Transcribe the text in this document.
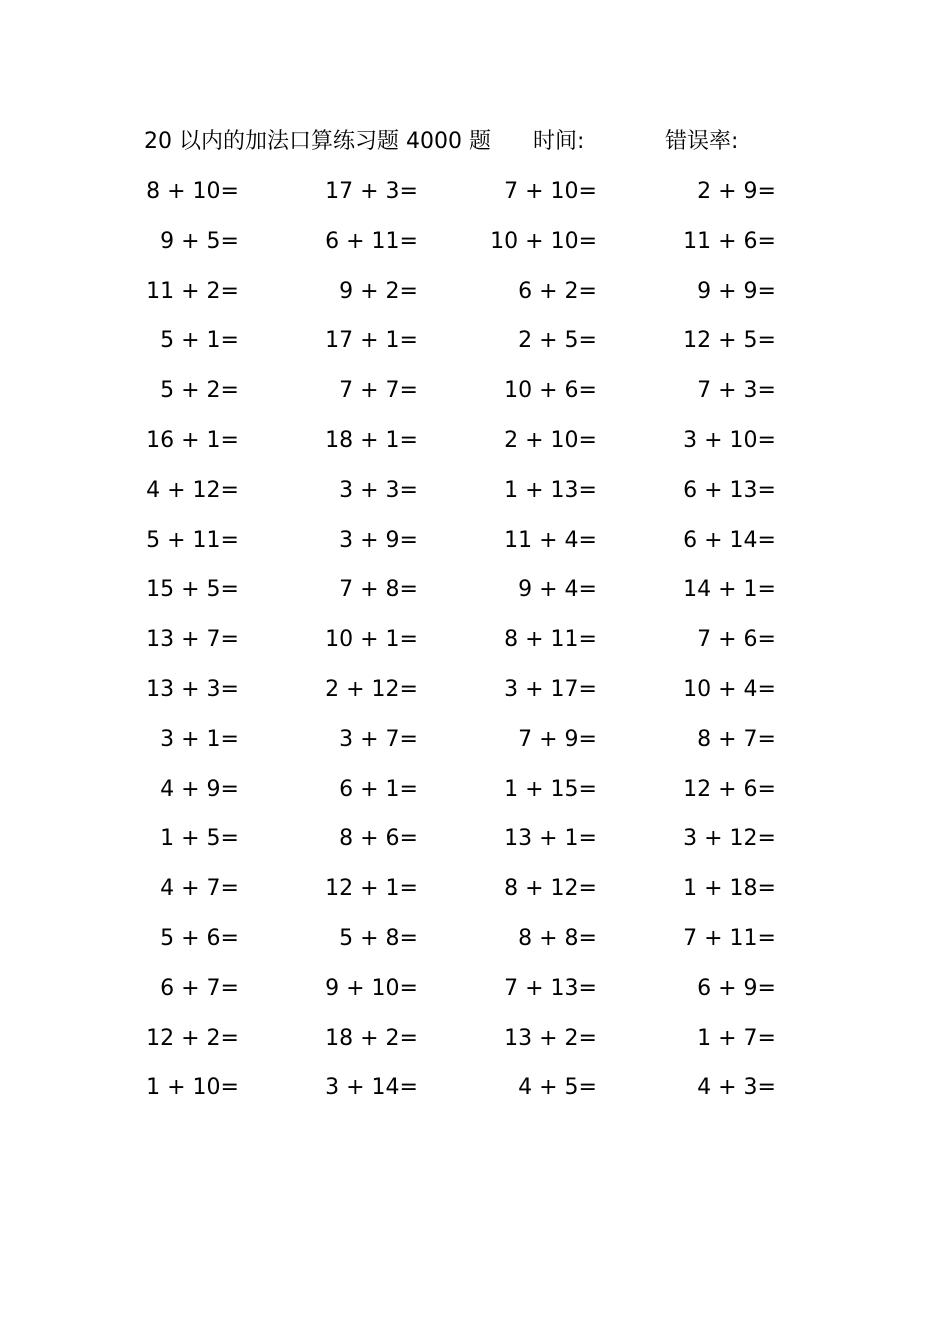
20 以内的加法口算练习题 4000 题 时间:	错误率:
8 + 10=	17 + 3=	7 + 10=	2 + 9=
9 + 5=	6 + 11=	10 + 10=	11 + 6=
11 + 2=	9 + 2=	6 + 2=	9 + 9=
5 + 1=	17 + 1=	2 + 5=	12 + 5=
5 + 2=	7 + 7=	10 + 6=	7 + 3=
16 + 1=	18 + 1=	2 + 10=	3 + 10=
4 + 12=	3 + 3=	1 + 13=	6 + 13=
5 + 11=	3 + 9=	11 + 4=	6 + 14=
15 + 5=	7 + 8=	9 + 4=	14 + 1=
13 + 7=	10 + 1=	8 + 11=	7 + 6=
13 + 3=	2 + 12=	3 + 17=	10 + 4=
3 + 1=	3 + 7=	7 + 9=	8 + 7=
4 + 9=	6 + 1=	1 + 15=	12 + 6=
1 + 5=	8 + 6=	13 + 1=	3 + 12=
4 + 7=	12 + 1=	8 + 12=	1 + 18=
5 + 6=	5 + 8=	8 + 8=	7 + 11=
6 + 7=	9 + 10=	7 + 13=	6 + 9=
12 + 2=	18 + 2=	13 + 2=	1 + 7=
1 + 10=	3 + 14=	4 + 5=	4 + 3=
